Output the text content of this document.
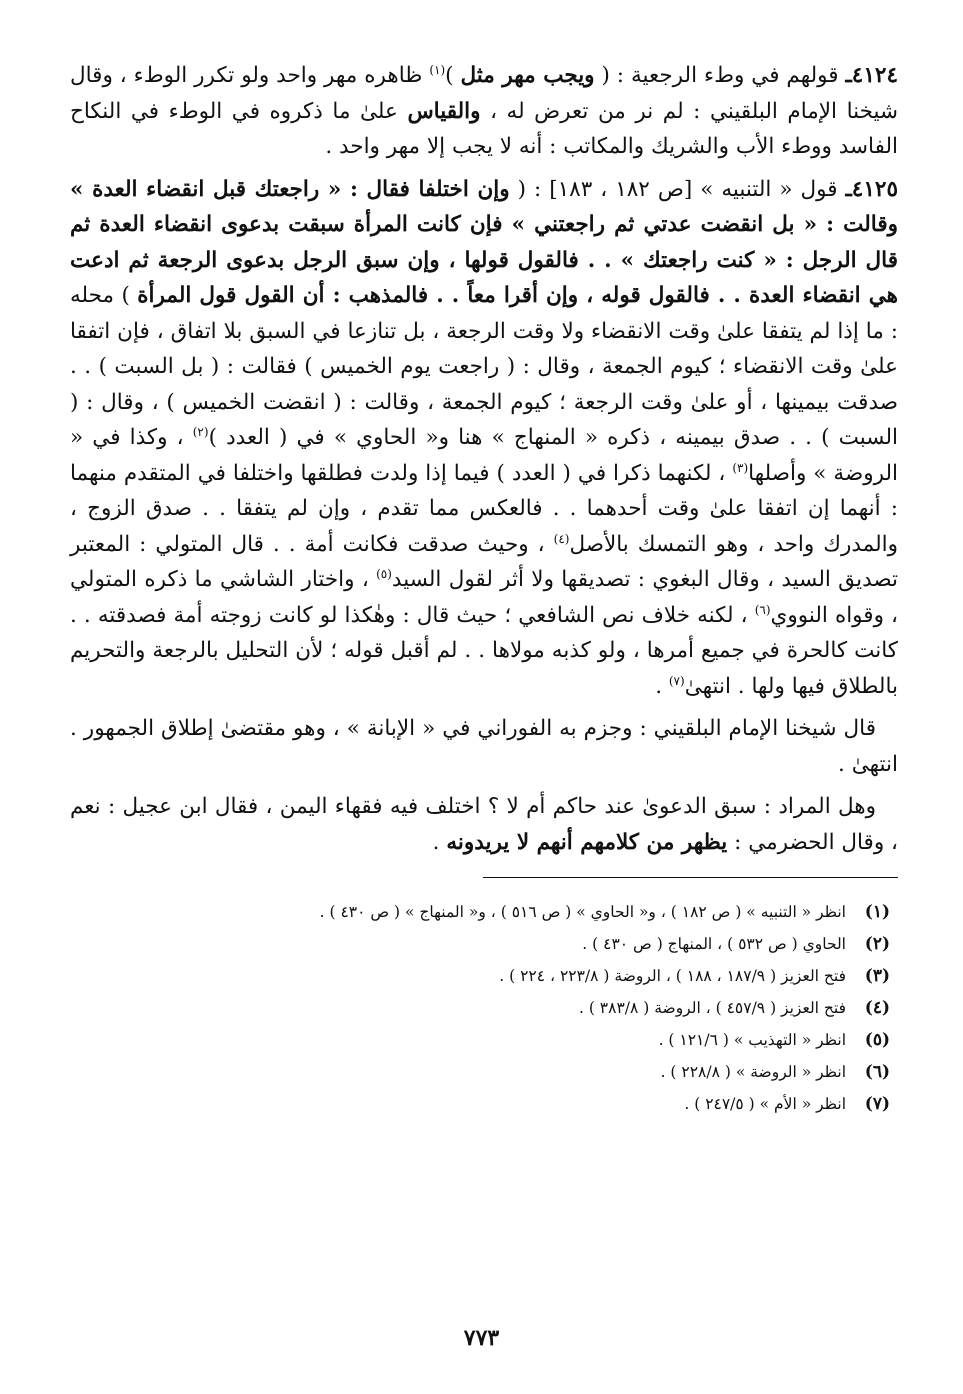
٤١٢٤ـ قولهم في وطء الرجعية : ( ويجب مهر مثل )$^{(١)}$ ظاهره مهر واحد ولو تكرر الوطء ، وقال شيخنا الإمام البلقيني : لم نر من تعرض له ، والقياس علىٰ ما ذكروه في الوطء في النكاح الفاسد ووطء الأب والشريك والمكاتب : أنه لا يجب إلا مهر واحد .

٤١٢٥ـ قول « التنبيه » [ص ١٨٢ ، ١٨٣] : ( وإن اختلفا فقال : « راجعتك قبل انقضاء العدة » وقالت : « بل انقضت عدتي ثم راجعتني » فإن كانت المرأة سبقت بدعوى انقضاء العدة ثم قال الرجل : « كنت راجعتك » . . فالقول قولها ، وإن سبق الرجل بدعوى الرجعة ثم ادعت هي انقضاء العدة . . فالقول قوله ، وإن أقرا معاً . . فالمذهب : أن القول قول المرأة ) محله : ما إذا لم يتفقا علىٰ وقت الانقضاء ولا وقت الرجعة ، بل تنازعا في السبق بلا اتفاق ، فإن اتفقا علىٰ وقت الانقضاء ؛ كيوم الجمعة ، وقال : ( راجعت يوم الخميس ) فقالت : ( بل السبت ) . . صدقت بيمينها ، أو علىٰ وقت الرجعة ؛ كيوم الجمعة ، وقالت : ( انقضت الخميس ) ، وقال : ( السبت ) . . صدق بيمينه ، ذكره « المنهاج » هنا و« الحاوي » في ( العدد )$^{(٢)}$ ، وكذا في « الروضة » وأصلها$^{(٣)}$ ، لكنهما ذكرا في ( العدد ) فيما إذا ولدت فطلقها واختلفا في المتقدم منهما : أنهما إن اتفقا علىٰ وقت أحدهما . . فالعكس مما تقدم ، وإن لم يتفقا . . صدق الزوج ، والمدرك واحد ، وهو التمسك بالأصل$^{(٤)}$ ، وحيث صدقت فكانت أمة . . قال المتولي : المعتبر تصديق السيد ، وقال البغوي : تصديقها ولا أثر لقول السيد$^{(٥)}$ ، واختار الشاشي ما ذكره المتولي ، وقواه النووي$^{(٦)}$ ، لكنه خلاف نص الشافعي ؛ حيث قال : وهٰكذا لو كانت زوجته أمة فصدقته . . كانت كالحرة في جميع أمرها ، ولو كذبه مولاها . . لم أقبل قوله ؛ لأن التحليل بالرجعة والتحريم بالطلاق فيها ولها . انتهىٰ$^{(٧)}$ .

قال شيخنا الإمام البلقيني : وجزم به الفوراني في « الإبانة » ، وهو مقتضىٰ إطلاق الجمهور . انتهىٰ .

وهل المراد : سبق الدعوىٰ عند حاكم أم لا ؟ اختلف فيه فقهاء اليمن ، فقال ابن عجيل : نعم ، وقال الحضرمي : يظهر من كلامهم أنهم لا يريدونه .

(١)
انظر « التنبيه » ( ص ١٨٢ ) ، و« الحاوي » ( ص ٥١٦ ) ، و« المنهاج » ( ص ٤٣٠ ) .
(٢)
الحاوي ( ص ٥٣٢ ) ، المنهاج ( ص ٤٣٠ ) .
(٣)
فتح العزيز ( ١٨٧/٩ ، ١٨٨ ) ، الروضة ( ٢٢٣/٨ ، ٢٢٤ ) .
(٤)
فتح العزيز ( ٤٥٧/٩ ) ، الروضة ( ٣٨٣/٨ ) .
(٥)
انظر « التهذيب » ( ١٢١/٦ ) .
(٦)
انظر « الروضة » ( ٢٢٨/٨ ) .
(٧)
انظر « الأم » ( ٢٤٧/٥ ) .
٧٧٣
